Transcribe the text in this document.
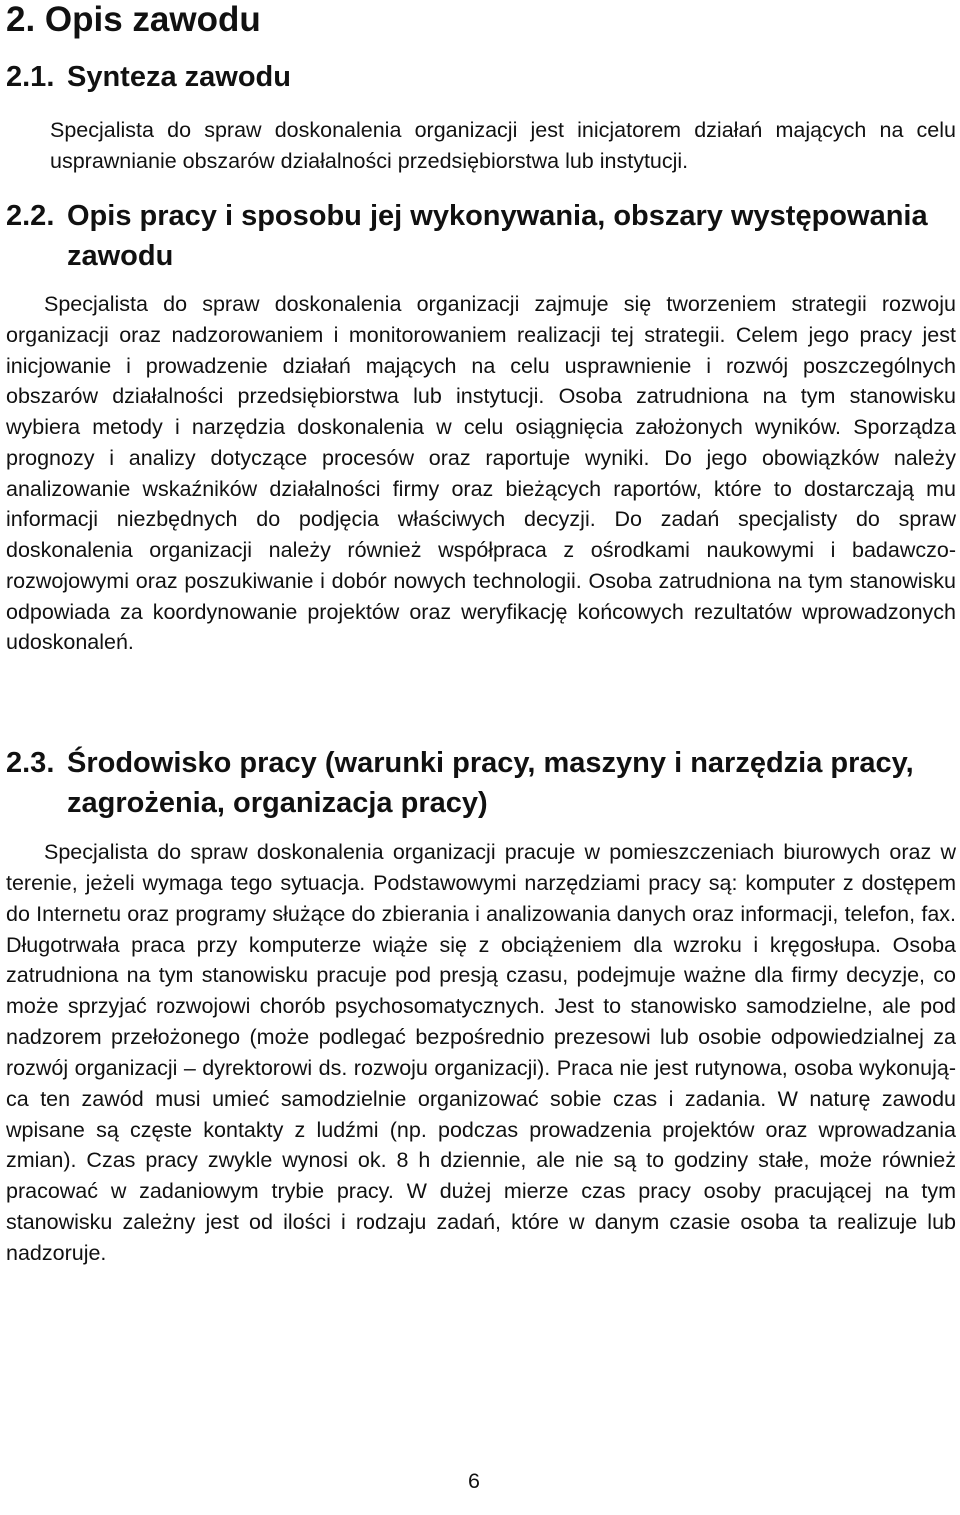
2. Opis zawodu
2.1. Synteza zawodu

Specjalista do spraw doskonalenia organizacji jest inicjatorem działań mających na celu usprawnianie obszarów działalności przedsiębiorstwa lub instytucji.

2.2. Opis pracy i sposobu jej wykonywania, obszary występowania zawodu

Specjalista do spraw doskonalenia organizacji zajmuje się tworzeniem strategii rozwoju organizacji oraz nadzorowaniem i monitorowaniem realizacji tej strategii. Celem jego pracy jest inicjowanie i prowadzenie działań mających na celu usprawnienie i rozwój poszczególnych obszarów działalności przedsiębiorstwa lub instytucji. Osoba zatrudniona na tym stanowisku wybiera metody i narzędzia doskonalenia w celu osiągnięcia założonych wyników. Sporządza prognozy i analizy dotyczące procesów oraz raportuje wyniki. Do jego obowiązków należy analizowanie wskaźników działalności firmy oraz bieżących raportów, które to dostarczają mu informacji niezbędnych do podjęcia właściwych decyzji. Do zadań specjalisty do spraw doskonalenia organizacji należy również współpraca z ośrodkami naukowymi i badawczo-rozwojowymi oraz poszukiwanie i dobór nowych technologii. Osoba zatrudniona na tym stanowisku odpowiada za koordynowanie projektów oraz weryfikację końcowych rezultatów wprowadzonych udoskonaleń.

2.3. Środowisko pracy (warunki pracy, maszyny i narzędzia pracy, zagrożenia, organizacja pracy)

Specjalista do spraw doskonalenia organizacji pracuje w pomieszczeniach biurowych oraz w terenie, jeżeli wymaga tego sytuacja. Podstawowymi narzędziami pracy są: komputer z dostępem do Internetu oraz programy służące do zbierania i analizowania danych oraz informacji, telefon, fax. Długotrwała praca przy komputerze wiąże się z obciążeniem dla wzroku i kręgosłupa. Osoba zatrudniona na tym stanowisku pracuje pod presją czasu, podejmuje ważne dla firmy decyzje, co może sprzyjać rozwojowi chorób psychosomatycznych. Jest to stanowisko samodzielne, ale pod nadzorem przełożonego (może podlegać bezpośrednio prezesowi lub osobie odpowiedzialnej za rozwój organizacji – dyrektorowi ds. rozwoju organizacji). Praca nie jest rutynowa, osoba wykonująca ten zawód musi umieć samodzielnie organizować sobie czas i zadania. W naturę zawodu wpisane są częste kontakty z ludźmi (np. podczas prowadzenia projektów oraz wprowadzania zmian). Czas pracy zwykle wynosi ok. 8 h dziennie, ale nie są to godziny stałe, może również pracować w zadaniowym trybie pracy. W dużej mierze czas pracy osoby pracującej na tym stanowisku zależny jest od ilości i rodzaju zadań, które w danym czasie osoba ta realizuje lub nadzoruje.

6
